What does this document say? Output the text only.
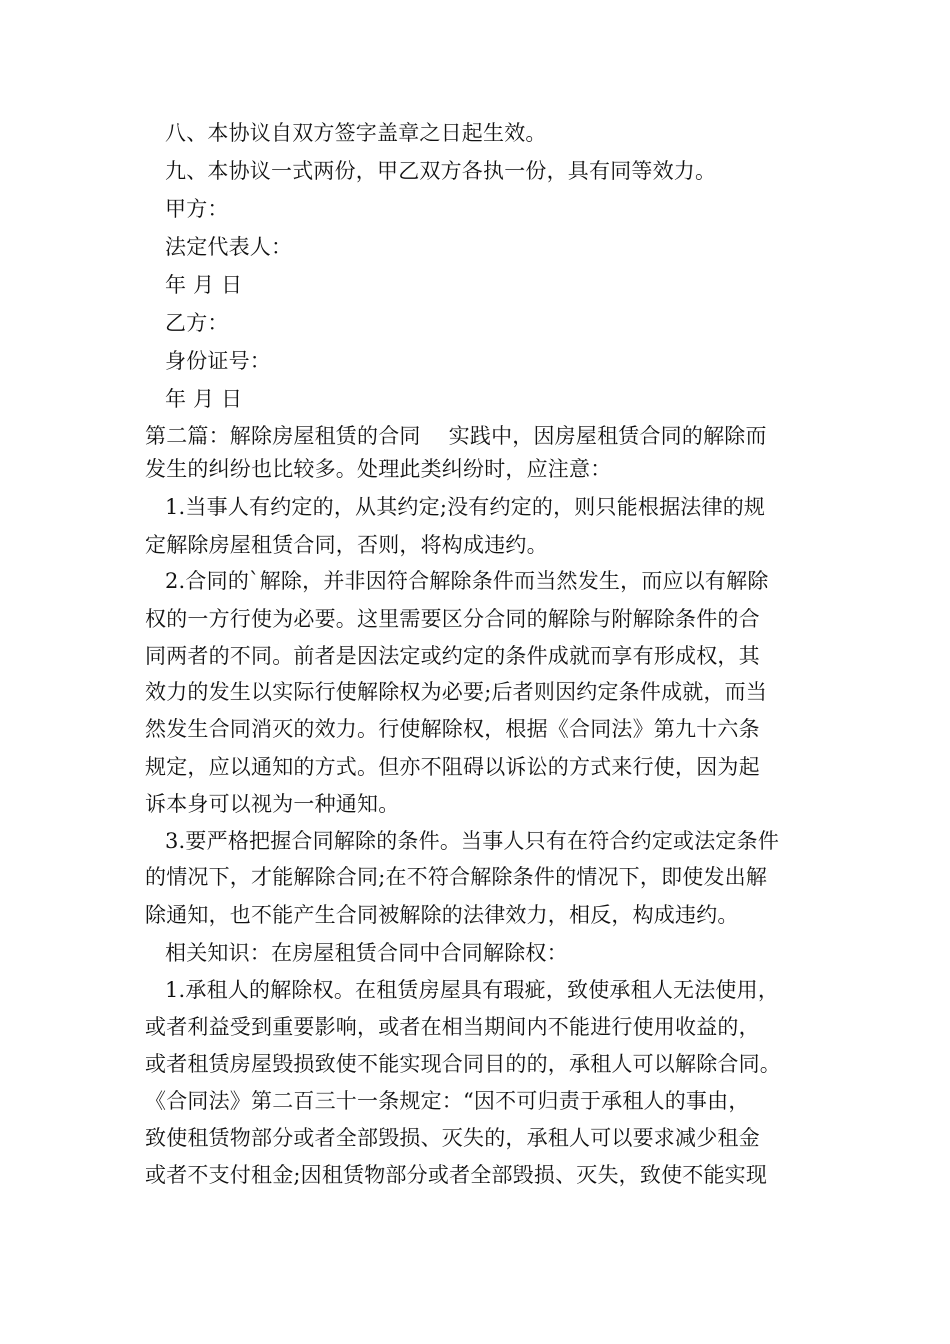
八、本协议自双方签字盖章之日起生效。

九、本协议一式两份，甲乙双方各执一份，具有同等效力。

甲方：

法定代表人：

年 月 日

乙方：

身份证号：

年 月 日

第二篇：解除房屋租赁的合同　 实践中，因房屋租赁合同的解除而

发生的纠纷也比较多。处理此类纠纷时，应注意：

1.当事人有约定的，从其约定;没有约定的，则只能根据法律的规

定解除房屋租赁合同，否则，将构成违约。

2.合同的`解除，并非因符合解除条件而当然发生，而应以有解除

权的一方行使为必要。这里需要区分合同的解除与附解除条件的合

同两者的不同。前者是因法定或约定的条件成就而享有形成权，其

效力的发生以实际行使解除权为必要;后者则因约定条件成就，而当

然发生合同消灭的效力。行使解除权，根据《合同法》第九十六条

规定，应以通知的方式。但亦不阻碍以诉讼的方式来行使，因为起

诉本身可以视为一种通知。

3.要严格把握合同解除的条件。当事人只有在符合约定或法定条件

的情况下，才能解除合同;在不符合解除条件的情况下，即使发出解

除通知，也不能产生合同被解除的法律效力，相反，构成违约。

相关知识：在房屋租赁合同中合同解除权：

1.承租人的解除权。在租赁房屋具有瑕疵，致使承租人无法使用，

或者利益受到重要影响，或者在相当期间内不能进行使用收益的，

或者租赁房屋毁损致使不能实现合同目的的，承租人可以解除合同。

《合同法》第二百三十一条规定：“因不可归责于承租人的事由，

致使租赁物部分或者全部毁损、灭失的，承租人可以要求减少租金

或者不支付租金;因租赁物部分或者全部毁损、灭失，致使不能实现
